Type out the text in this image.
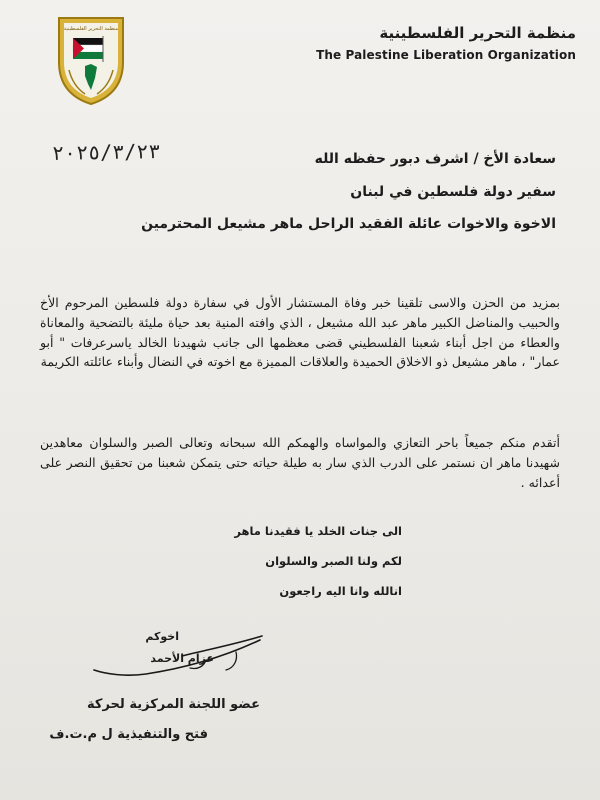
منظمة التحرير الفلسطينية	منظمة التحرير الفلسطينية
The Palestine Liberation Organization
٢٠٢٥/٣/٢٣	سعادة الأخ / اشرف دبور حفظه الله
سفير دولة فلسطين في لبنان
الاخوة والاخوات عائلة الفقيد الراحل ماهر مشيعل المحترمين

بمزيد من الحزن والاسى تلقينا خبر وفاة المستشار الأول في سفارة دولة فلسطين المرحوم الأخ والحبيب والمناضل الكبير ماهر عبد الله مشيعل ، الذي وافته المنية بعد حياة مليئة بالتضحية والمعاناة والعطاء من اجل أبناء شعبنا الفلسطيني قضى معظمها الى جانب شهيدنا الخالد ياسرعرفات " أبو عمار" ، ماهر مشيعل ذو الاخلاق الحميدة والعلاقات المميزة مع اخوته في النضال وأبناء عائلته الكريمة

أتقدم منكم جميعاً باحر التعازي والمواساه والهمكم الله سبحانه وتعالى الصبر والسلوان معاهدين شهيدنا ماهر ان نستمر على الدرب الذي سار به طيلة حياته حتى يتمكن شعبنا من تحقيق النصر على أعدائه .

الى جنات الخلد يا فقيدنا ماهر
لكم ولنا الصبر والسلوان
انالله وانا اليه راجعون
اخوكم
عزام الأحمد
عضو اللجنة المركزية لحركة
فتح والتنفيذية ل م.ت.ف
